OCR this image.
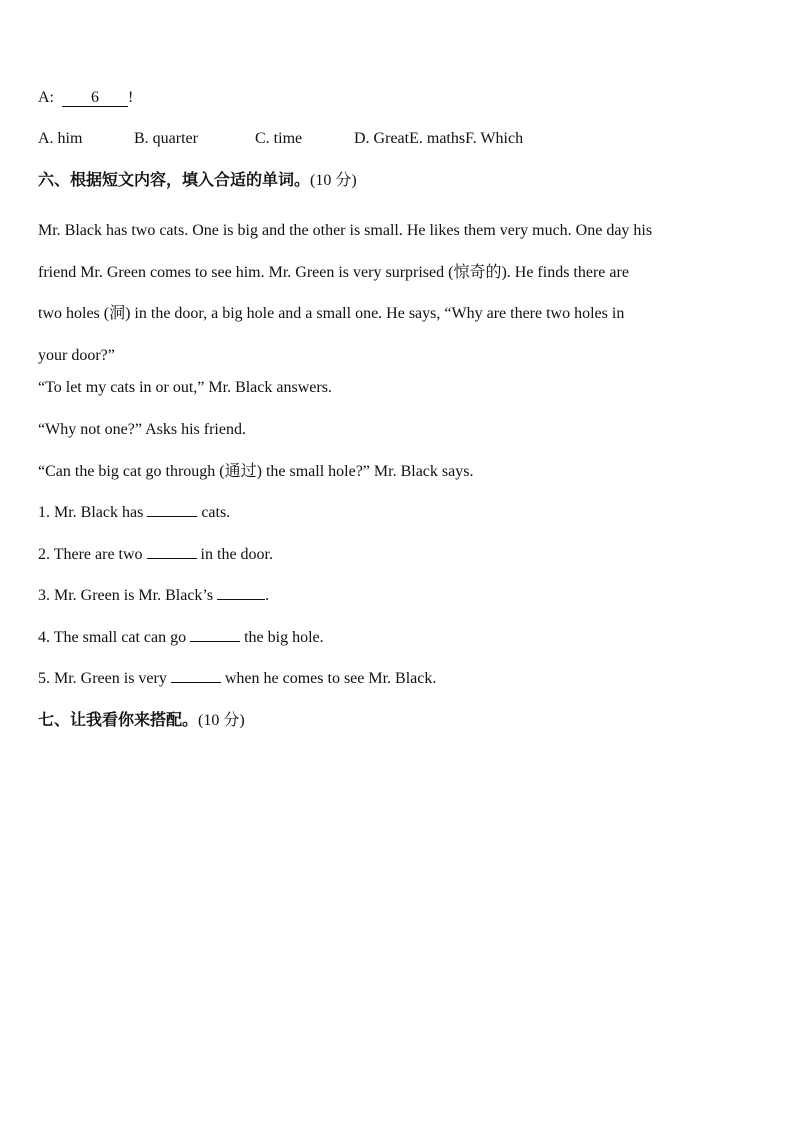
A: 6 !
A. him	B. quarter	C. time	D. GreatE. mathsF. Which
六、根据短文内容，填入合适的单词。(10 分)
Mr. Black has two cats. One is big and the other is small. He likes them very much. One day his
friend Mr. Green comes to see him. Mr. Green is very surprised (惊奇的). He finds there are
two holes (洞) in the door, a big hole and a small one. He says, “Why are there two holes in
your door?”
“To let my cats in or out,” Mr. Black answers.
“Why not one?” Asks his friend.
“Can the big cat go through (通过) the small hole?” Mr. Black says.
1. Mr. Black has	cats.
2. There are two	in the door.
3. Mr. Green is Mr. Black’s	.
4. The small cat can go	the big hole.
5. Mr. Green is very	when he comes to see Mr. Black.
七、让我看你来搭配。(10 分)
